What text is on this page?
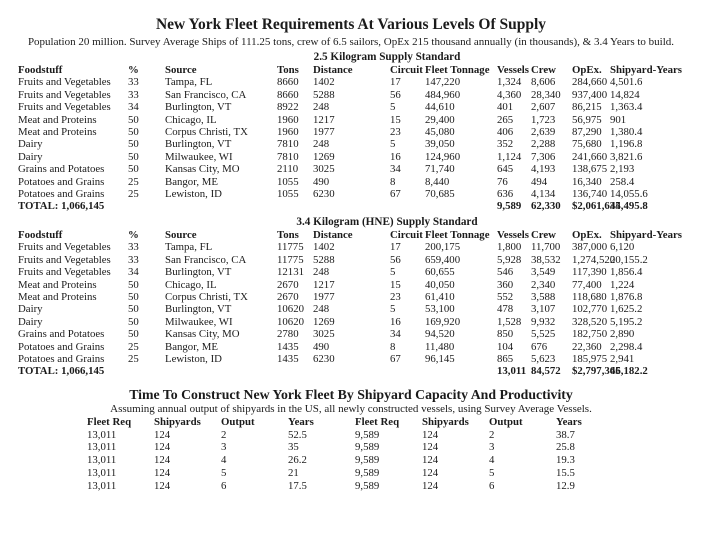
New York Fleet Requirements At Various Levels Of Supply

Population 20 million. Survey Average Ships of 111.25 tons, crew of 6.5 sailors, OpEx 215 thousand annually (in thousands), & 3.4 Years to build.

2.5 Kilogram Supply Standard

Foodstuff	%	Source	Tons	Distance	Circuit	Fleet Tonnage	Vessels	Crew	OpEx.	Shipyard-Years
Fruits and Vegetables	33	Tampa, FL	8660	1402	17	147,220	1,324	8,606	284,660	4,501.6
Fruits and Vegetables	33	San Francisco, CA	8660	5288	56	484,960	4,360	28,340	937,400	14,824
Fruits and Vegetables	34	Burlington, VT	8922	248	5	44,610	401	2,607	86,215	1,363.4
Meat and Proteins	50	Chicago, IL	1960	1217	15	29,400	265	1,723	56,975	901
Meat and Proteins	50	Corpus Christi, TX	1960	1977	23	45,080	406	2,639	87,290	1,380.4
Dairy	50	Burlington, VT	7810	248	5	39,050	352	2,288	75,680	1,196.8
Dairy	50	Milwaukee, WI	7810	1269	16	124,960	1,124	7,306	241,660	3,821.6
Grains and Potatoes	50	Kansas City, MO	2110	3025	34	71,740	645	4,193	138,675	2,193
Potatoes and Grains	25	Bangor, ME	1055	490	8	8,440	76	494	16,340	258.4
Potatoes and Grains	25	Lewiston, ID	1055	6230	67	70,685	636	4,134	136,740	14,055.6
TOTAL: 1,066,145							9,589	62,330	$2,061,635	44,495.8

3.4 Kilogram (HNE) Supply Standard

Foodstuff	%	Source	Tons	Distance	Circuit	Fleet Tonnage	Vessels	Crew	OpEx.	Shipyard-Years
Fruits and Vegetables	33	Tampa, FL	11775	1402	17	200,175	1,800	11,700	387,000	6,120
Fruits and Vegetables	33	San Francisco, CA	11775	5288	56	659,400	5,928	38,532	1,274,520	20,155.2
Fruits and Vegetables	34	Burlington, VT	12131	248	5	60,655	546	3,549	117,390	1,856.4
Meat and Proteins	50	Chicago, IL	2670	1217	15	40,050	360	2,340	77,400	1,224
Meat and Proteins	50	Corpus Christi, TX	2670	1977	23	61,410	552	3,588	118,680	1,876.8
Dairy	50	Burlington, VT	10620	248	5	53,100	478	3,107	102,770	1,625.2
Dairy	50	Milwaukee, WI	10620	1269	16	169,920	1,528	9,932	328,520	5,195.2
Grains and Potatoes	50	Kansas City, MO	2780	3025	34	94,520	850	5,525	182,750	2,890
Potatoes and Grains	25	Bangor, ME	1435	490	8	11,480	104	676	22,360	2,298.4
Potatoes and Grains	25	Lewiston, ID	1435	6230	67	96,145	865	5,623	185,975	2,941
TOTAL: 1,066,145							13,011	84,572	$2,797,365	46,182.2
Time To Construct New York Fleet By Shipyard Capacity And Productivity

Assuming annual output of shipyards in the US, all newly constructed vessels, using Survey Average Vessels.

Fleet Req	Shipyards	Output	Years	Fleet Req	Shipyards	Output	Years
13,011	124	2	52.5	9,589	124	2	38.7
13,011	124	3	35	9,589	124	3	25.8
13,011	124	4	26.2	9,589	124	4	19.3
13,011	124	5	21	9,589	124	5	15.5
13,011	124	6	17.5	9,589	124	6	12.9
